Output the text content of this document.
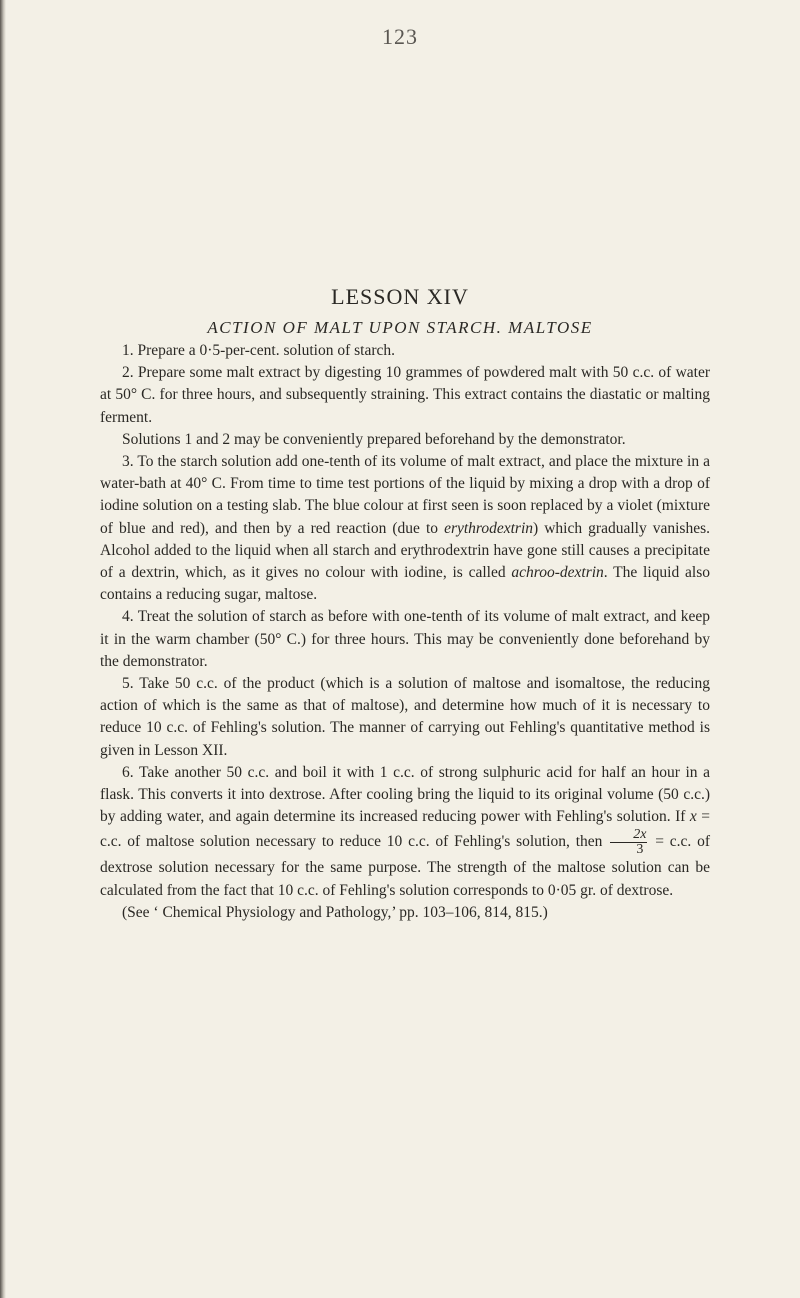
123
LESSON XIV
ACTION OF MALT UPON STARCH. MALTOSE

1. Prepare a 0·5-per-cent. solution of starch.

2. Prepare some malt extract by digesting 10 grammes of powdered malt with 50 c.c. of water at 50° C. for three hours, and subsequently straining. This extract contains the diastatic or malting ferment.

Solutions 1 and 2 may be conveniently prepared beforehand by the demonstrator.

3. To the starch solution add one-tenth of its volume of malt extract, and place the mixture in a water-bath at 40° C. From time to time test portions of the liquid by mixing a drop with a drop of iodine solution on a testing slab. The blue colour at first seen is soon replaced by a violet (mixture of blue and red), and then by a red reaction (due to erythrodextrin) which gradually vanishes. Alcohol added to the liquid when all starch and erythrodextrin have gone still causes a precipitate of a dextrin, which, as it gives no colour with iodine, is called achroo-dextrin. The liquid also contains a reducing sugar, maltose.

4. Treat the solution of starch as before with one-tenth of its volume of malt extract, and keep it in the warm chamber (50° C.) for three hours. This may be conveniently done beforehand by the demonstrator.

5. Take 50 c.c. of the product (which is a solution of maltose and isomaltose, the reducing action of which is the same as that of maltose), and determine how much of it is necessary to reduce 10 c.c. of Fehling's solution. The manner of carrying out Fehling's quantitative method is given in Lesson XII.

6. Take another 50 c.c. and boil it with 1 c.c. of strong sulphuric acid for half an hour in a flask. This converts it into dextrose. After cooling bring the liquid to its original volume (50 c.c.) by adding water, and again determine its increased reducing power with Fehling's solution. If x = c.c. of maltose solution necessary to reduce 10 c.c. of Fehling's solution, then $\frac{2x}{3} = c.c$. of dextrose solution necessary for the same purpose. The strength of the maltose solution can be calculated from the fact that 10 c.c. of Fehling's solution corresponds to 0·05 gr. of dextrose.

(See ‘ Chemical Physiology and Pathology,’ pp. 103–106, 814, 815.)
